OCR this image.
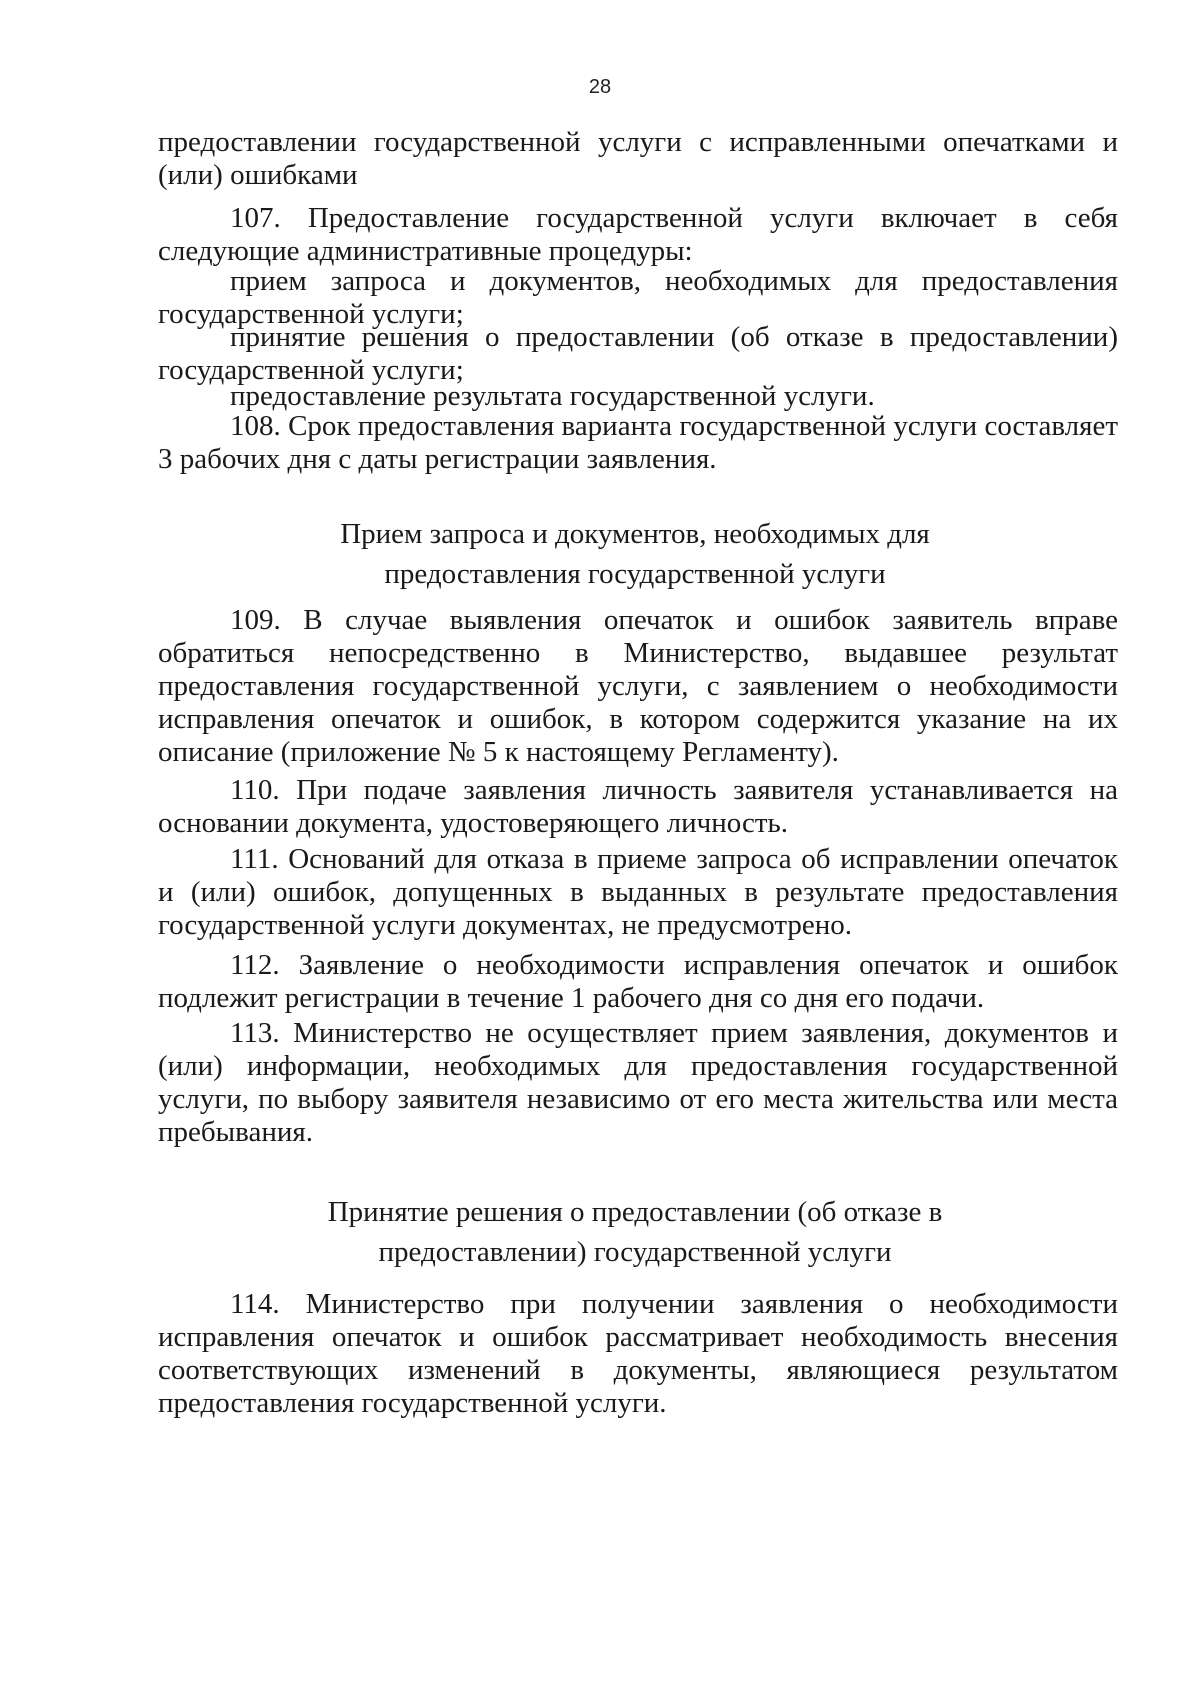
28
предоставлении государственной услуги с исправленными опечатками и (или) ошибками
107. Предоставление государственной услуги включает в себя следующие административные процедуры:
прием запроса и документов, необходимых для предоставления государственной услуги;
принятие решения о предоставлении (об отказе в предоставлении) государственной услуги;
предоставление результата государственной услуги.
108. Срок предоставления варианта государственной услуги составляет 3 рабочих дня с даты регистрации заявления.
Прием запроса и документов, необходимых для предоставления государственной услуги
109. В случае выявления опечаток и ошибок заявитель вправе обратиться непосредственно в Министерство, выдавшее результат предоставления государственной услуги, с заявлением о необходимости исправления опечаток и ошибок, в котором содержится указание на их описание (приложение № 5 к настоящему Регламенту).
110. При подаче заявления личность заявителя устанавливается на основании документа, удостоверяющего личность.
111. Оснований для отказа в приеме запроса об исправлении опечаток и (или) ошибок, допущенных в выданных в результате предоставления государственной услуги документах, не предусмотрено.
112. Заявление о необходимости исправления опечаток и ошибок подлежит регистрации в течение 1 рабочего дня со дня его подачи.
113. Министерство не осуществляет прием заявления, документов и (или) информации, необходимых для предоставления государственной услуги, по выбору заявителя независимо от его места жительства или места пребывания.
Принятие решения о предоставлении (об отказе в предоставлении) государственной услуги
114. Министерство при получении заявления о необходимости исправления опечаток и ошибок рассматривает необходимость внесения соответствующих изменений в документы, являющиеся результатом предоставления государственной услуги.
